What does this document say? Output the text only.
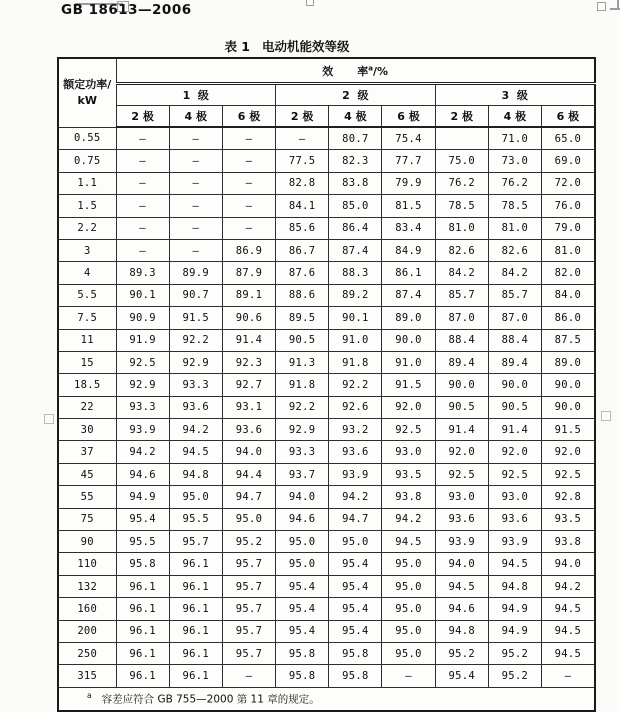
GB 18613—2006
表 1 电动机能效等级
额定功率/
kW	效 率$^a$/%								
	1  级			2  级			3  级		
	2 极	4 极	6 极	2 极	4 极	6 极	2 极	4 极	6 极
0.55	—	—	—	—	80.7	75.4		71.0	65.0
0.75	—	—	—	77.5	82.3	77.7	75.0	73.0	69.0
1.1	—	—	—	82.8	83.8	79.9	76.2	76.2	72.0
1.5	—	—	—	84.1	85.0	81.5	78.5	78.5	76.0
2.2	—	—	—	85.6	86.4	83.4	81.0	81.0	79.0
3	—	—	86.9	86.7	87.4	84.9	82.6	82.6	81.0
4	89.3	89.9	87.9	87.6	88.3	86.1	84.2	84.2	82.0
5.5	90.1	90.7	89.1	88.6	89.2	87.4	85.7	85.7	84.0
7.5	90.9	91.5	90.6	89.5	90.1	89.0	87.0	87.0	86.0
11	91.9	92.2	91.4	90.5	91.0	90.0	88.4	88.4	87.5
15	92.5	92.9	92.3	91.3	91.8	91.0	89.4	89.4	89.0
18.5	92.9	93.3	92.7	91.8	92.2	91.5	90.0	90.0	90.0
22	93.3	93.6	93.1	92.2	92.6	92.0	90.5	90.5	90.0
30	93.9	94.2	93.6	92.9	93.2	92.5	91.4	91.4	91.5
37	94.2	94.5	94.0	93.3	93.6	93.0	92.0	92.0	92.0
45	94.6	94.8	94.4	93.7	93.9	93.5	92.5	92.5	92.5
55	94.9	95.0	94.7	94.0	94.2	93.8	93.0	93.0	92.8
75	95.4	95.5	95.0	94.6	94.7	94.2	93.6	93.6	93.5
90	95.5	95.7	95.2	95.0	95.0	94.5	93.9	93.9	93.8
110	95.8	96.1	95.7	95.0	95.4	95.0	94.0	94.5	94.0
132	96.1	96.1	95.7	95.4	95.4	95.0	94.5	94.8	94.2
160	96.1	96.1	95.7	95.4	95.4	95.0	94.6	94.9	94.5
200	96.1	96.1	95.7	95.4	95.4	95.0	94.8	94.9	94.5
250	96.1	96.1	95.7	95.8	95.8	95.0	95.2	95.2	94.5
315	96.1	96.1	—	95.8	95.8	—	95.4	95.2	—
$^a$ 容差应符合 GB 755—2000 第 11 章的规定。									
